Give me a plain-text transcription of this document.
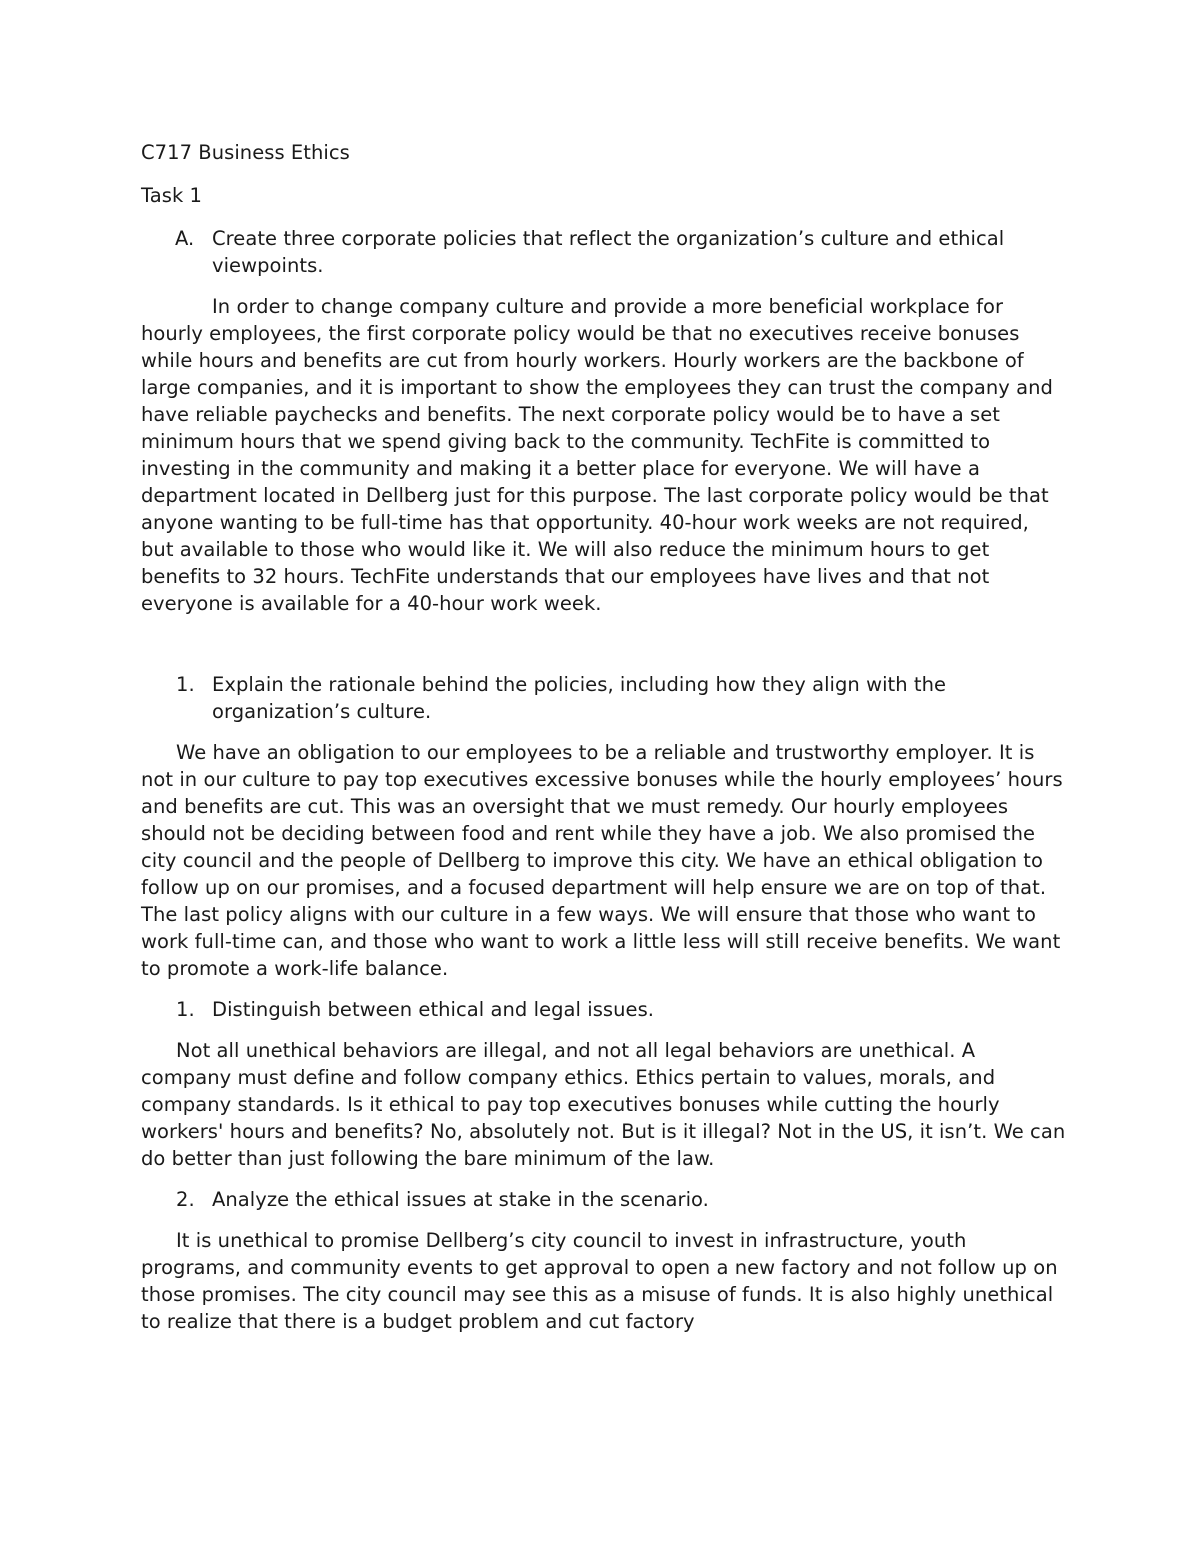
C717 Business Ethics
Task 1
A. Create three corporate policies that reflect the organization’s culture and ethical viewpoints.
In order to change company culture and provide a more beneficial workplace for hourly employees, the first corporate policy would be that no executives receive bonuses while hours and benefits are cut from hourly workers. Hourly workers are the backbone of large companies, and it is important to show the employees they can trust the company and have reliable paychecks and benefits. The next corporate policy would be to have a set minimum hours that we spend giving back to the community. TechFite is committed to investing in the community and making it a better place for everyone. We will have a department located in Dellberg just for this purpose. The last corporate policy would be that anyone wanting to be full-time has that opportunity. 40-hour work weeks are not required, but available to those who would like it. We will also reduce the minimum hours to get benefits to 32 hours. TechFite understands that our employees have lives and that not everyone is available for a 40-hour work week.
1. Explain the rationale behind the policies, including how they align with the organization’s culture.
We have an obligation to our employees to be a reliable and trustworthy employer. It is not in our culture to pay top executives excessive bonuses while the hourly employees’ hours and benefits are cut. This was an oversight that we must remedy. Our hourly employees should not be deciding between food and rent while they have a job. We also promised the city council and the people of Dellberg to improve this city. We have an ethical obligation to follow up on our promises, and a focused department will help ensure we are on top of that. The last policy aligns with our culture in a few ways. We will ensure that those who want to work full-time can, and those who want to work a little less will still receive benefits. We want to promote a work-life balance.
1. Distinguish between ethical and legal issues.
Not all unethical behaviors are illegal, and not all legal behaviors are unethical. A company must define and follow company ethics. Ethics pertain to values, morals, and company standards. Is it ethical to pay top executives bonuses while cutting the hourly workers' hours and benefits? No, absolutely not. But is it illegal? Not in the US, it isn’t. We can do better than just following the bare minimum of the law.
2. Analyze the ethical issues at stake in the scenario.
It is unethical to promise Dellberg’s city council to invest in infrastructure, youth programs, and community events to get approval to open a new factory and not follow up on those promises. The city council may see this as a misuse of funds. It is also highly unethical to realize that there is a budget problem and cut factory
